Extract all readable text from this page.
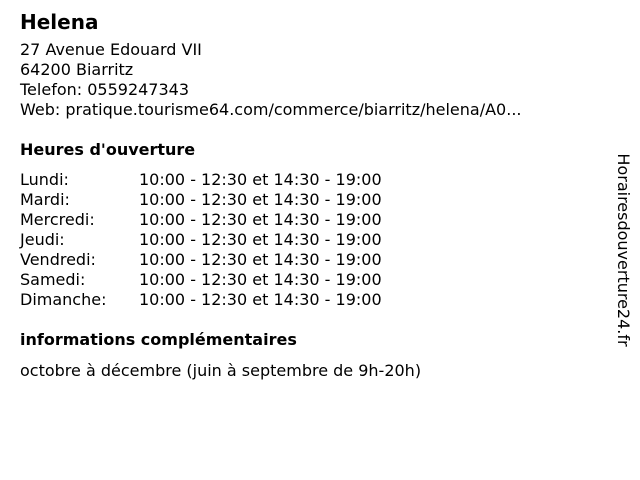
Helena
27 Avenue Edouard VII
64200 Biarritz
Telefon: 0559247343
Web: pratique.tourisme64.com/commerce/biarritz/helena/A0...
Heures d'ouverture
Lundi:	10:00 - 12:30 et 14:30 - 19:00
Mardi:	10:00 - 12:30 et 14:30 - 19:00
Mercredi:	10:00 - 12:30 et 14:30 - 19:00
Jeudi:	10:00 - 12:30 et 14:30 - 19:00
Vendredi:	10:00 - 12:30 et 14:30 - 19:00
Samedi:	10:00 - 12:30 et 14:30 - 19:00
Dimanche:	10:00 - 12:30 et 14:30 - 19:00
informations complémentaires
octobre à décembre (juin à septembre de 9h-20h)
Horairesdouverture24.fr
